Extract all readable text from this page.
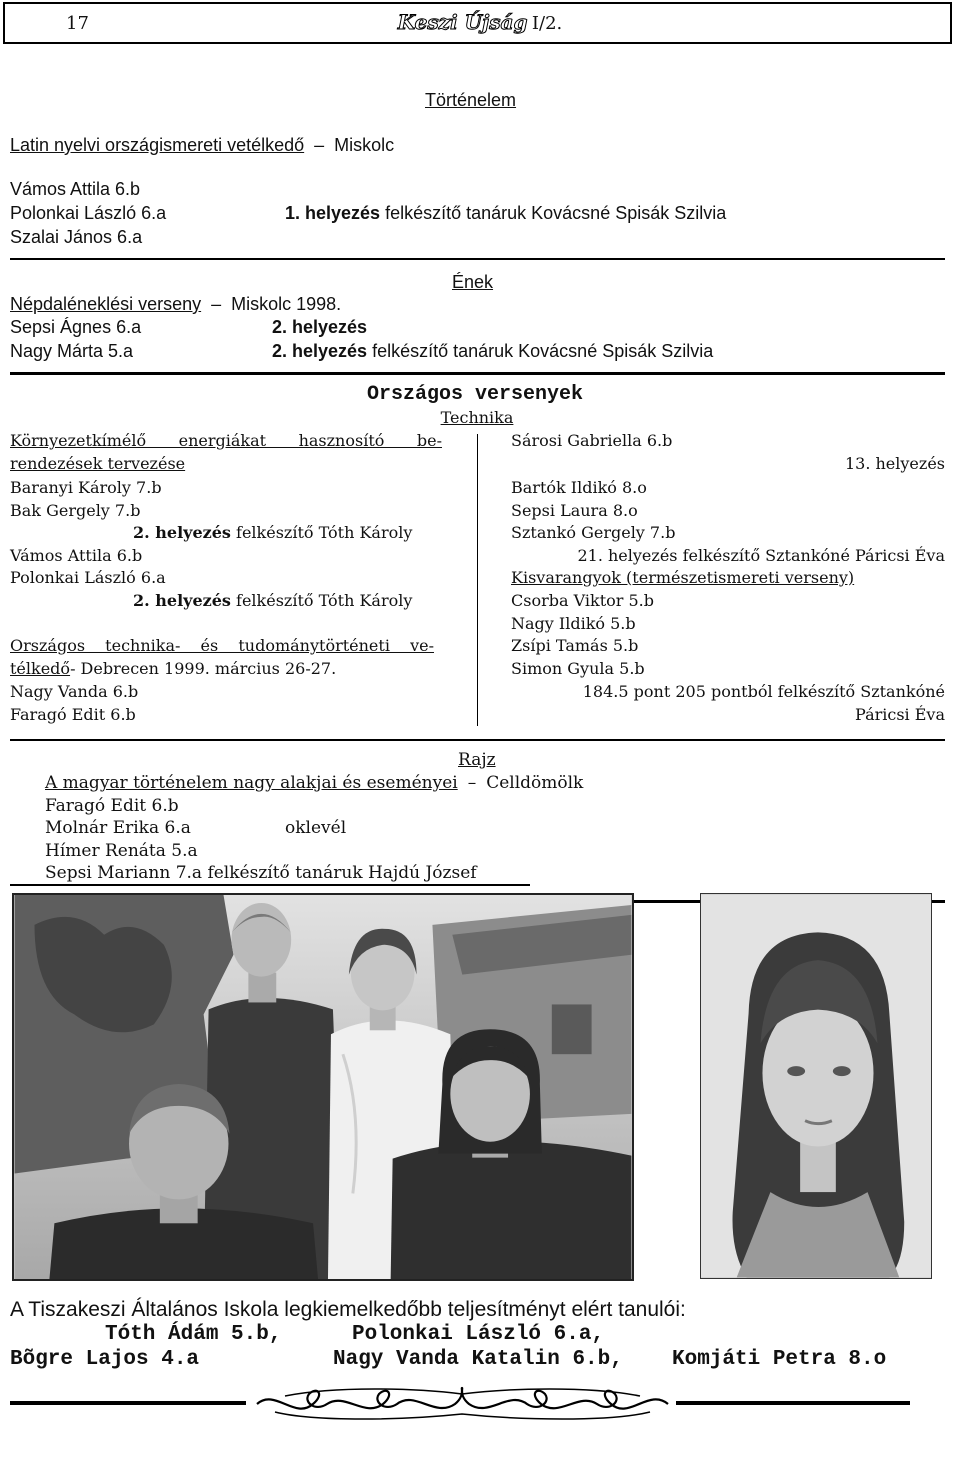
17	Keszi Újság I/2.
Történelem
Latin nyelvi országismereti vetélkedő – Miskolc
Vámos Attila 6.b
Polonkai László 6.a
Szalai János 6.a
1. helyezés felkészítő tanáruk Kovácsné Spisák Szilvia
Ének
Népdaléneklési verseny – Miskolc 1998.
Sepsi Ágnes 6.a	2. helyezés
Nagy Márta 5.a	2. helyezés felkészítő tanáruk Kovácsné Spisák Szilvia
Országos versenyek
Technika
Környezetkímélő energiákat hasznosító be-
rendezések tervezése
Baranyi Károly 7.b
Bak Gergely 7.b
2. helyezés felkészítő Tóth Károly
Vámos Attila 6.b
Polonkai László 6.a
2. helyezés felkészítő Tóth Károly
Országos technika- és tudománytörténeti ve-
télkedő- Debrecen 1999. március 26-27.
Nagy Vanda 6.b
Faragó Edit 6.b
Sárosi Gabriella 6.b
13. helyezés
Bartók Ildikó 8.o
Sepsi Laura 8.o
Sztankó Gergely 7.b
21. helyezés felkészítő Sztankóné Páricsi Éva
Kisvarangyok (természetismereti verseny)
Csorba Viktor 5.b
Nagy Ildikó 5.b
Zsípi Tamás 5.b
Simon Gyula 5.b
184.5 pont 205 pontból felkészítő Sztankóné
Páricsi Éva
Rajz
A magyar történelem nagy alakjai és eseményei – Celldömölk
Faragó Edit 6.b
Molnár Erika 6.a	oklevél
Hímer Renáta 5.a
Sepsi Mariann 7.a felkészítő tanáruk Hajdú József
A Tiszakeszi Általános Iskola legkiemelkedőbb teljesítményt elért tanulói:
Tóth Ádám 5.b,	Polonkai László 6.a,
Bõgre Lajos 4.a	Nagy Vanda Katalin 6.b, Komjáti Petra 8.o
